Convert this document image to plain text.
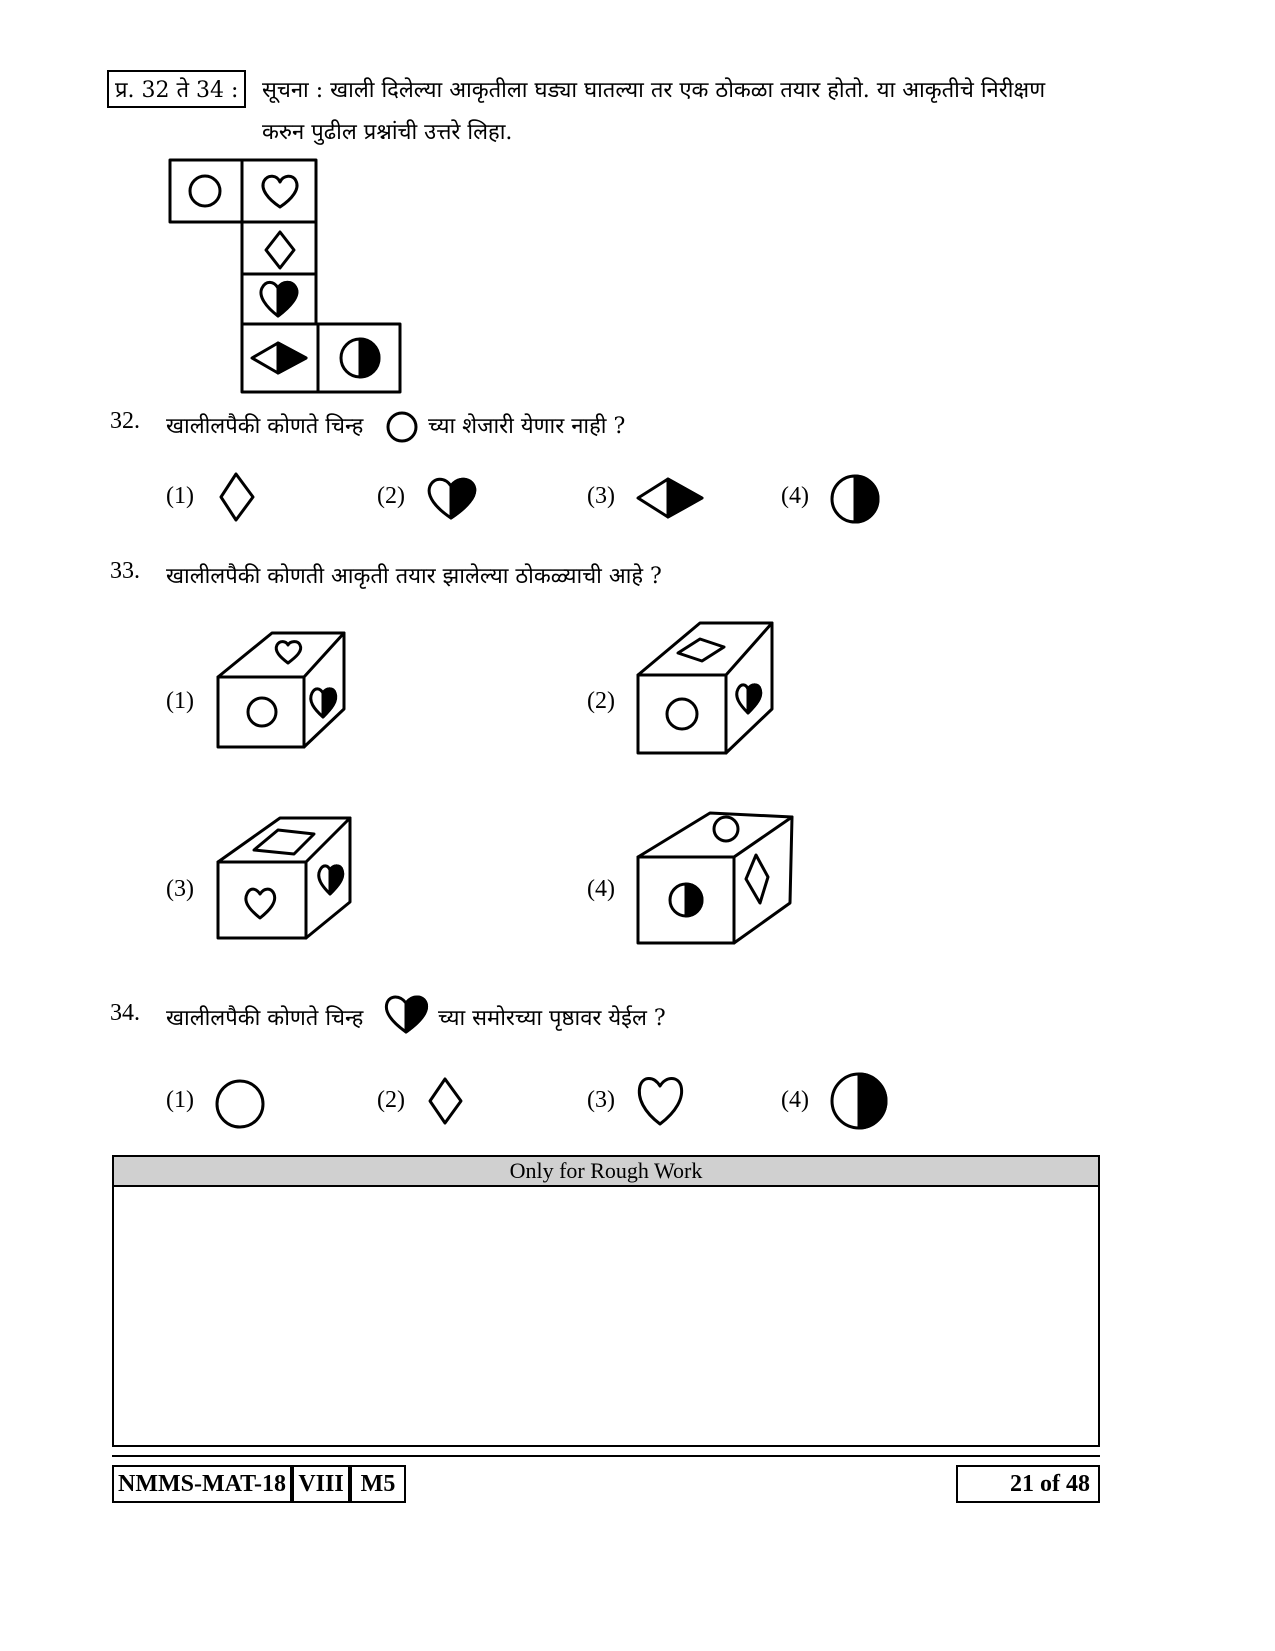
प्र. 32 ते 34 :	सूचना : खाली दिलेल्या आकृतीला घड्या घातल्या तर एक ठोकळा तयार होतो. या आकृतीचे निरीक्षण
करुन पुढील प्रश्नांची उत्तरे लिहा.
32. खालीलपैकी कोणते चिन्ह	च्या शेजारी येणार नाही ?
(1)	(2)	(3)	(4)
33. खालीलपैकी कोणती आकृती तयार झालेल्या ठोकळ्याची आहे ?
(1)	(2)
(3)	(4)
34. खालीलपैकी कोणते चिन्ह	च्या समोरच्या पृष्ठावर येईल ?
(1)	(2)	(3)	(4)
Only for Rough Work
NMMS-MAT-18 VIII M5	21 of 48
